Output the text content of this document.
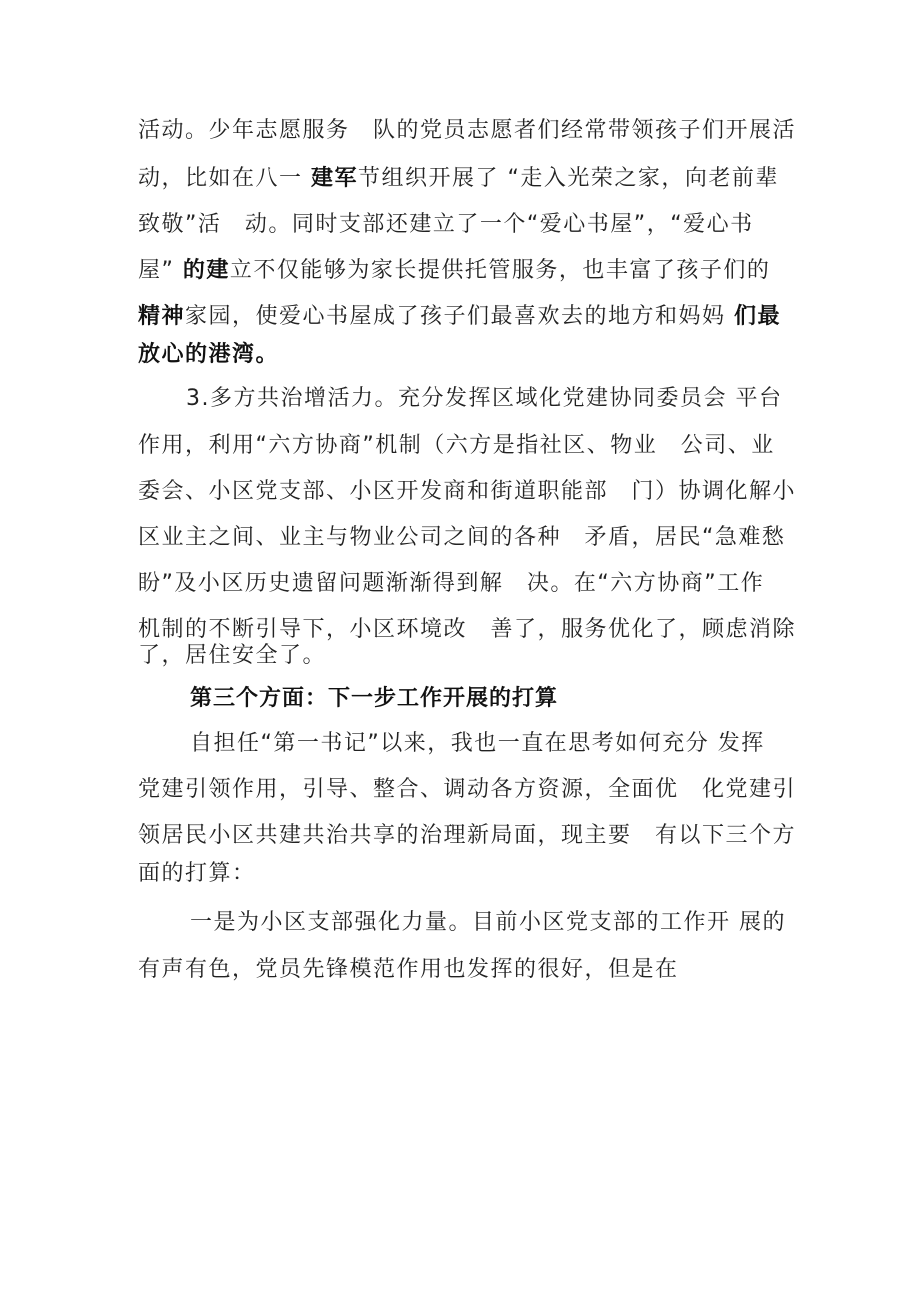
活动。少年志愿服务　队的党员志愿者们经常带领孩子们开展活
动，比如在八一 建军节组织开展了 “走入光荣之家，向老前辈
致敬”活　动。同时支部还建立了一个“爱心书屋”，“爱心书
屋” 的建立不仅能够为家长提供托管服务，也丰富了孩子们的
精神家园，使爱心书屋成了孩子们最喜欢去的地方和妈妈 们最
放心的港湾。
3.多方共治增活力。充分发挥区域化党建协同委员会 平台
作用，利用“六方协商”机制（六方是指社区、物业　公司、业
委会、小区党支部、小区开发商和街道职能部　门）协调化解小
区业主之间、业主与物业公司之间的各种　矛盾，居民“急难愁
盼”及小区历史遗留问题渐渐得到解　决。在“六方协商”工作
机制的不断引导下，小区环境改　善了，服务优化了，顾虑消除
了，居住安全了。
第三个方面：下一步工作开展的打算
自担任“第一书记”以来，我也一直在思考如何充分 发挥
党建引领作用，引导、整合、调动各方资源，全面优　化党建引
领居民小区共建共治共享的治理新局面，现主要　有以下三个方
面的打算：
一是为小区支部强化力量。目前小区党支部的工作开 展的
有声有色，党员先锋模范作用也发挥的很好，但是在
